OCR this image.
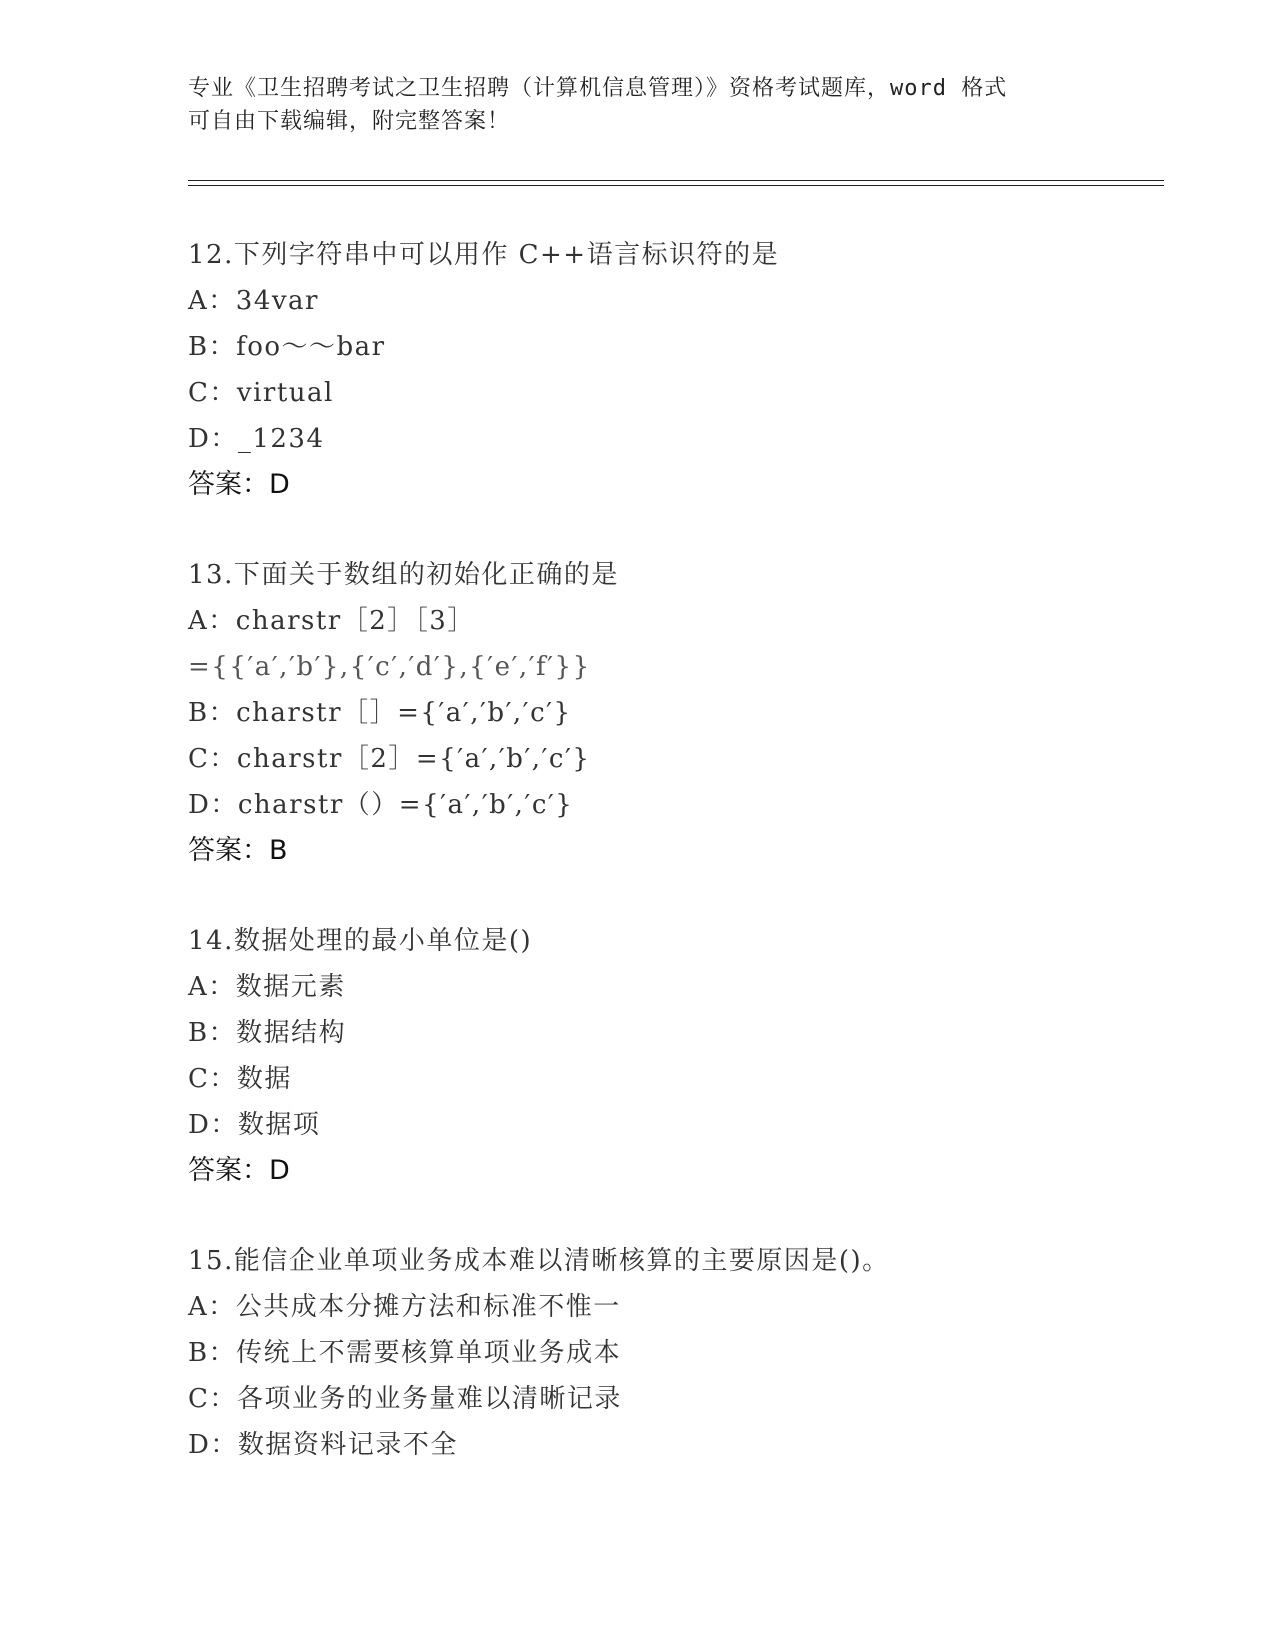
专业《卫生招聘考试之卫生招聘（计算机信息管理）》资格考试题库，word 格式
可自由下载编辑，附完整答案！
12.下列字符串中可以用作 C++语言标识符的是
A：34var
B：foo～～bar
C：virtual
D：_1234
答案：D
13.下面关于数组的初始化正确的是
A：charstr［2］［3］
={{′a′,′b′},{′c′,′d′},{′e′,′f′}}
B：charstr［］={′a′,′b′,′c′}
C：charstr［2］={′a′,′b′,′c′}
D：charstr（）={′a′,′b′,′c′}
答案：B
14.数据处理的最小单位是()
A：数据元素
B：数据结构
C：数据
D：数据项
答案：D
15.能信企业单项业务成本难以清晰核算的主要原因是()。
A：公共成本分摊方法和标准不惟一
B：传统上不需要核算单项业务成本
C：各项业务的业务量难以清晰记录
D：数据资料记录不全
